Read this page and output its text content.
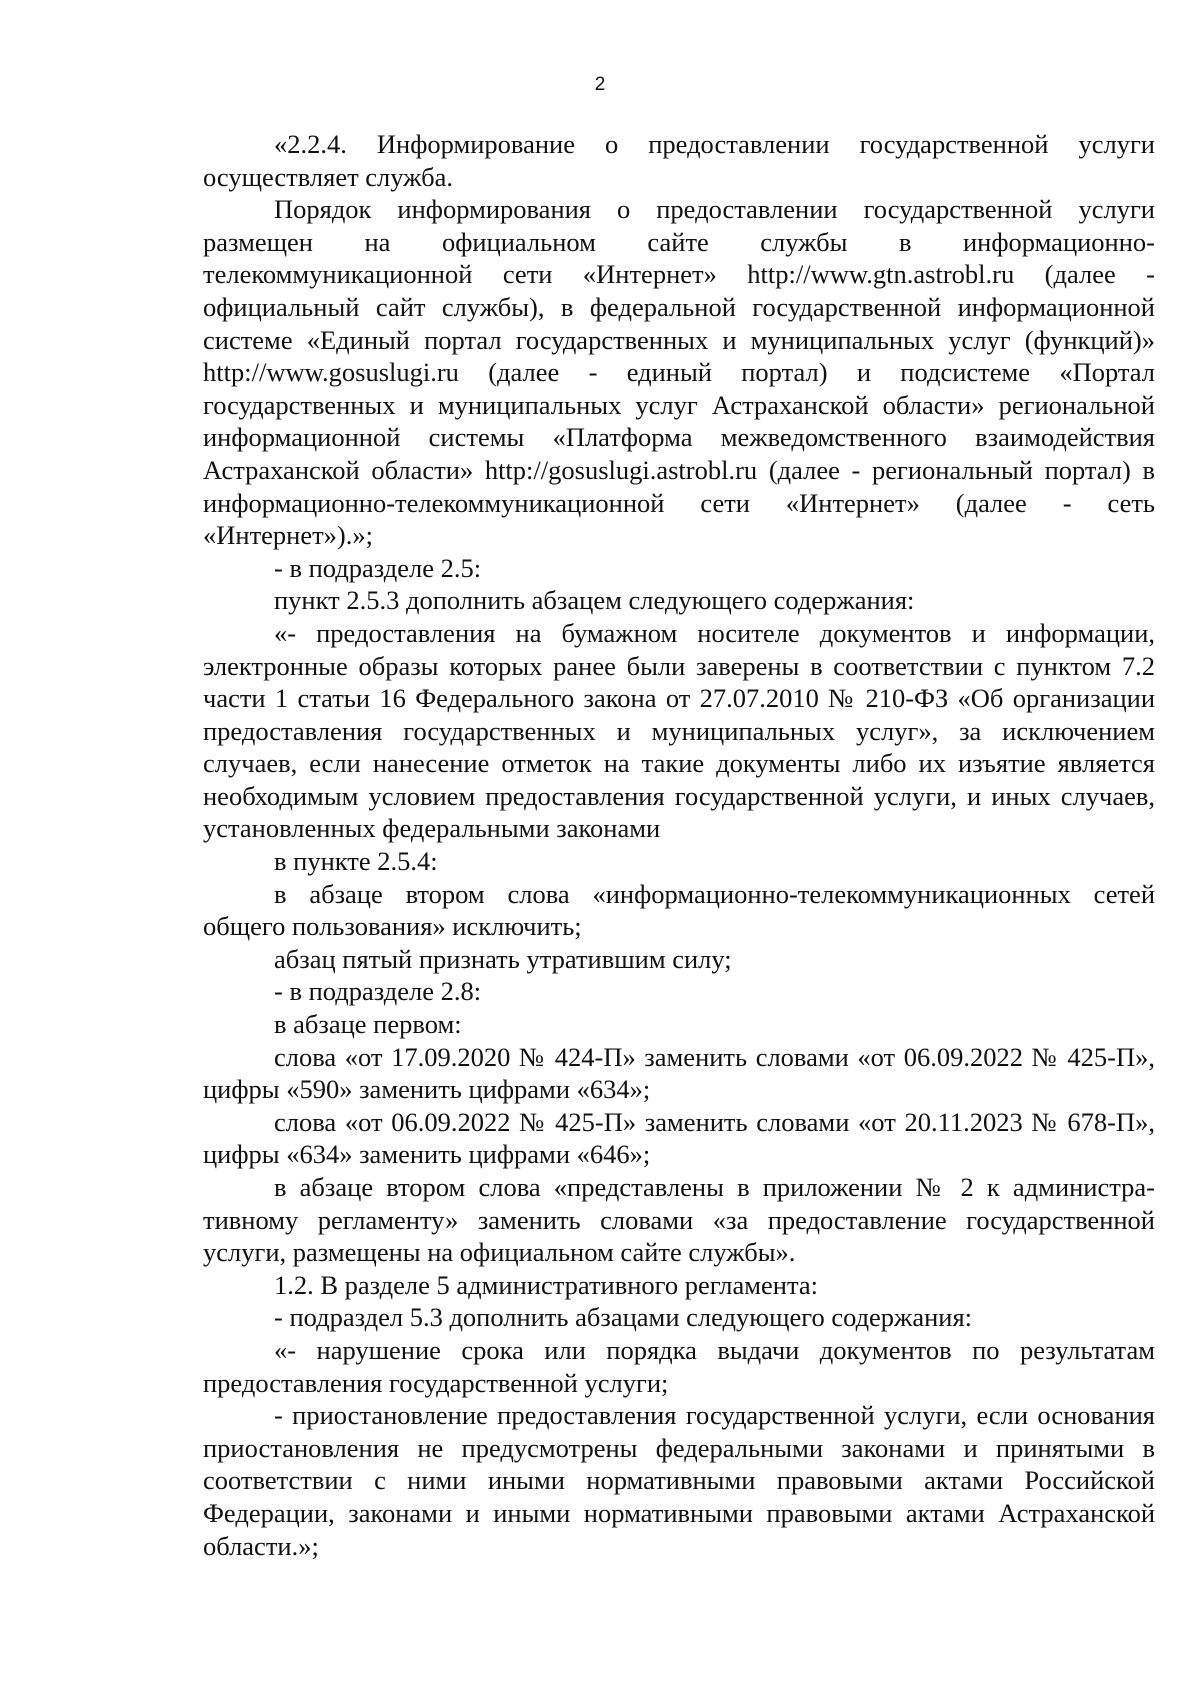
2

«2.2.4. Информирование о предоставлении государственной услуги осуществляет служба.

Порядок информирования о предоставлении государственной услуги размещен на официальном сайте службы в информационно-телекоммуникационной сети «Интернет» http://www.gtn.astrobl.ru (далее - официальный сайт службы), в федеральной государственной информационной системе «Единый портал государственных и муниципальных услуг (функций)» http://www.gosuslugi.ru (далее - единый портал) и подсистеме «Портал государственных и муниципальных услуг Астраханской области» региональной информационной системы «Платформа межведомственного взаимодействия Астраханской области» http://gosuslugi.astrobl.ru (далее - региональный портал) в информационно-телекоммуникационной сети «Интернет» (далее - сеть «Интернет»).»;

- в подразделе 2.5:

пункт 2.5.3 дополнить абзацем следующего содержания:

«- предоставления на бумажном носителе документов и информации, электронные образы которых ранее были заверены в соответствии с пунктом 7.2 части 1 статьи 16 Федерального закона от 27.07.2010 № 210-ФЗ «Об организации предоставления государственных и муниципальных услуг», за исключением случаев, если нанесение отметок на такие документы либо их изъятие является необходимым условием предоставления государственной услуги, и иных случаев, установленных федеральными законами

в пункте 2.5.4:

в абзаце втором слова «информационно-телекоммуникационных сетей общего пользования» исключить;

абзац пятый признать утратившим силу;

- в подразделе 2.8:

в абзаце первом:

слова «от 17.09.2020 № 424-П» заменить словами «от 06.09.2022 № 425-П», цифры «590» заменить цифрами «634»;

слова «от 06.09.2022 № 425-П» заменить словами «от 20.11.2023 № 678-П», цифры «634» заменить цифрами «646»;

в абзаце втором слова «представлены в приложении № 2 к административному регламенту» заменить словами «за предоставление государственной услуги, размещены на официальном сайте службы».

1.2. В разделе 5 административного регламента:

- подраздел 5.3 дополнить абзацами следующего содержания:

«- нарушение срока или порядка выдачи документов по результатам предоставления государственной услуги;

- приостановление предоставления государственной услуги, если основания приостановления не предусмотрены федеральными законами и принятыми в соответствии с ними иными нормативными правовыми актами Российской Федерации, законами и иными нормативными правовыми актами Астраханской области.»;
